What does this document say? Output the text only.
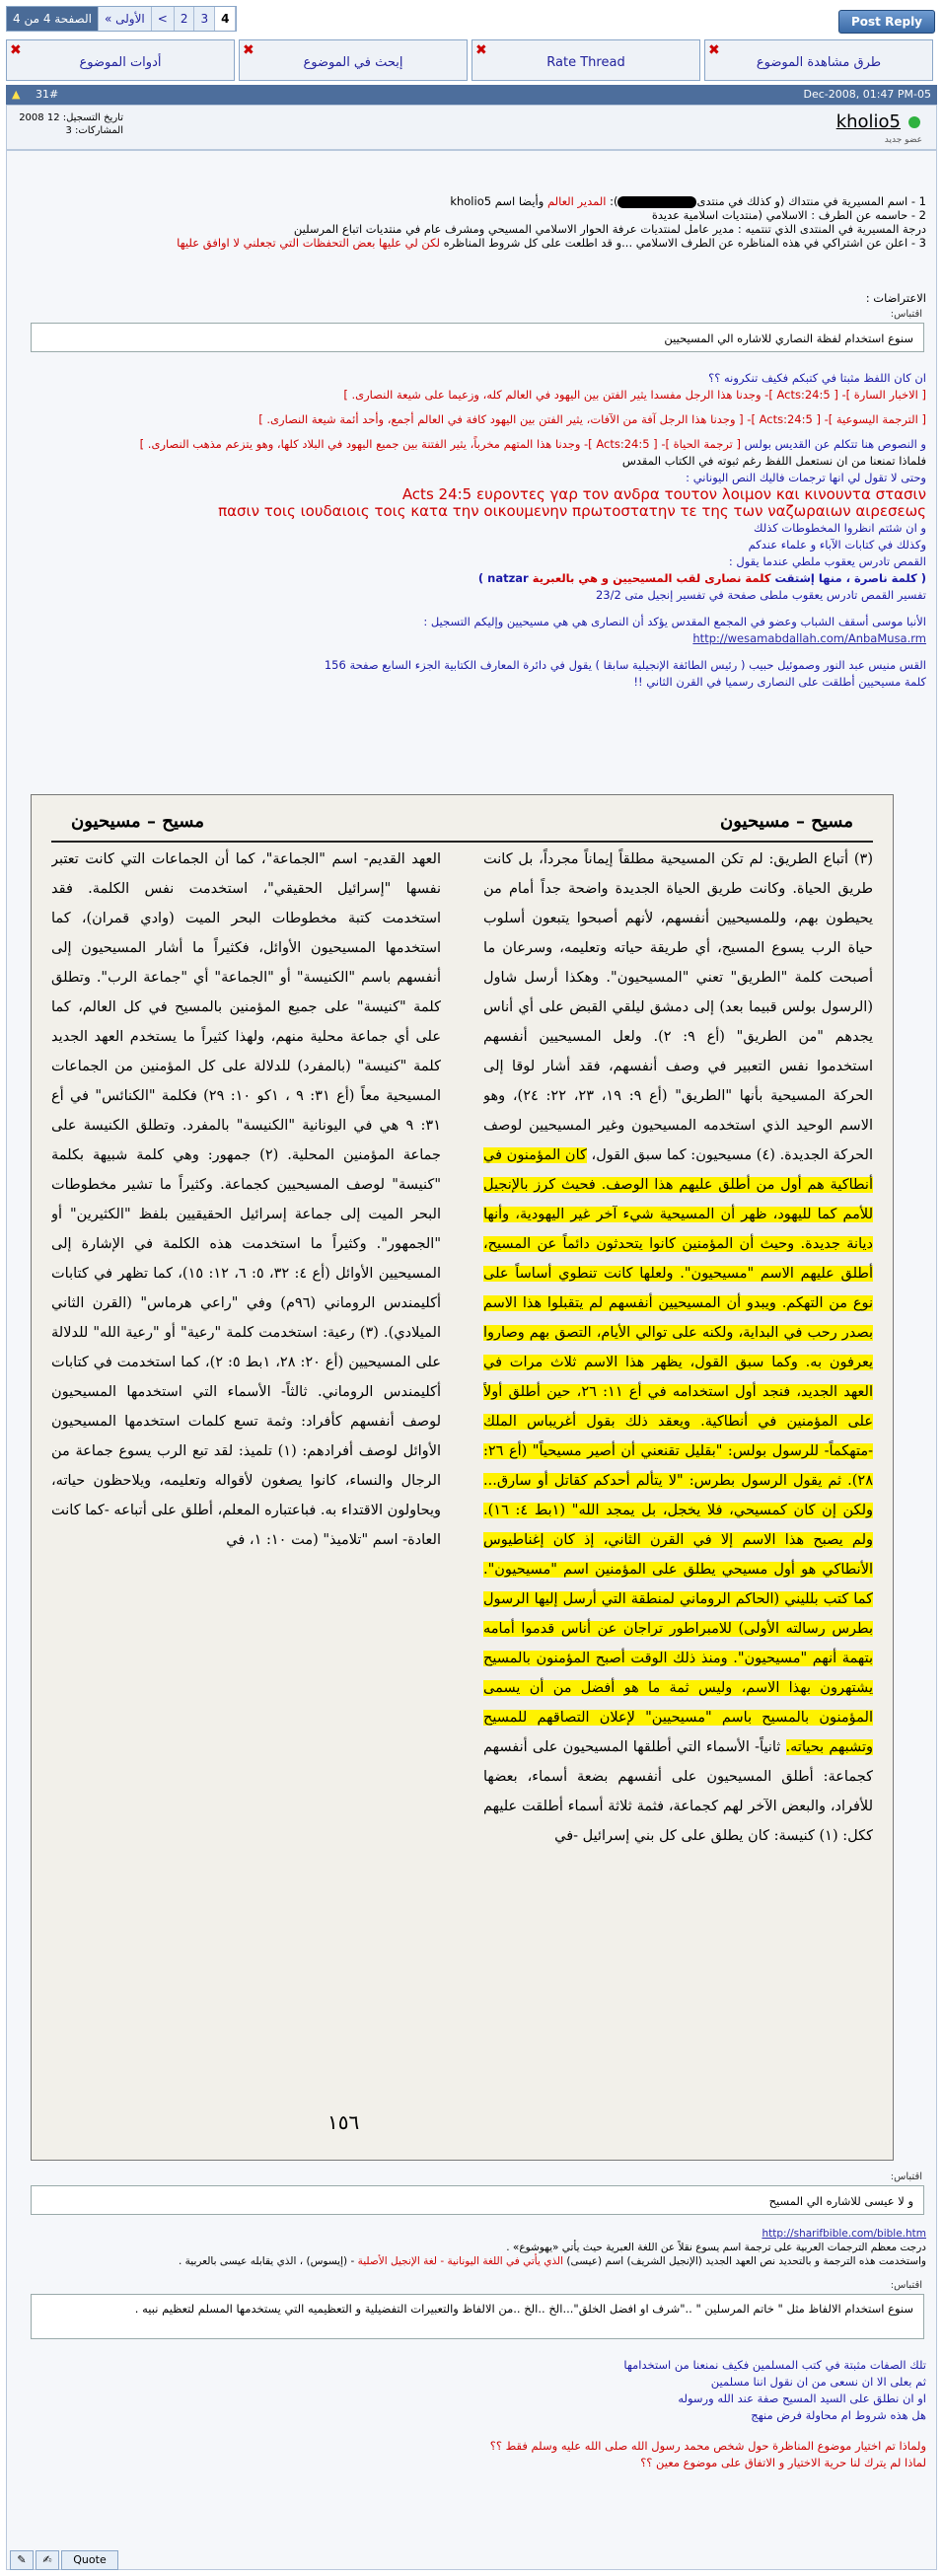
الصفحة 4 من 4	« الأولى	<	2	3	4	Post Reply
✖
أدوات الموضوع
✖
إبحث في الموضوع
✖
Rate Thread
✖
طرق مشاهدة الموضوع
▲ 31#	Dec-2008, 01:47 PM-05
kholio5
عضو جديد
تاريخ التسجيل: 12 2008
المشاركات: 3
1 - اسم المسيرية في منتداك (و كذلك في منتدى): المدير العالم وأيضا اسم kholio5
2 - حاسمه عن الطرف : الاسلامي (منتديات اسلامية عديدة
درجة المسيرية في المنتدى الذي تنتميه : مدير عامل لمنتديات عرفة الحوار الاسلامي المسيحي ومشرف عام في منتديات اتباع المرسلين
3 - اعلن عن اشتراكي في هذه المناظره عن الطرف الاسلامي ...و قد اطلعت على كل شروط المناظره لكن لي عليها بعض التحفظات التي تجعلني لا اوافق عليها
الاعتراضات :
اقتباس:
سنوع استخدام لفظة النصاري للاشاره الي المسيحيين
ان كان اللفظ مثبتا في كتبكم فكيف تنكرونه ؟؟
[ الاخبار السارة ]- [ Acts:24:5 ]- وجدنا هذا الرجل مفسدا يثير الفتن بين اليهود في العالم كله، وزعيما على شيعة النصارى. ]
[ الترجمة اليسوعية ]- [ Acts:24:5 ]- [ وجدنا هذا الرجل آفة من الآفات، يثير الفتن بين اليهود كافة في العالم أجمع، وأحد أئمة شيعة النصارى. ]
و النصوص هنا تتكلم عن القديس بولس [ ترجمة الحياة ]- [ Acts:24:5 ]- وجدنا هذا المتهم مخرباً، يثير الفتنة بين جميع اليهود في البلاد كلها، وهو يتزعم مذهب النصارى. ]
فلماذا تمنعنا من ان نستعمل اللفظ رغم ثبوته في الكتاب المقدس
وحتى لا تقول لي انها ترجمات فاليك النص اليوناني :
Acts 24:5 ευροντες γαρ τον ανδρα τουτον λοιμον και κινουντα στασιν
πασιν τοις ιουδαιοις τοις κατα την οικουμενην πρωτοστατην τε της των ναζωραιων αιρεσεως
و ان شئتم انظروا المخطوطات كذلك
وكذلك في كتابات الآباء و علماء عندكم
القمص تادرس يعقوب ملطي عندما يقول :
( كلمة ناصرة ، منها إشتقت كلمة نصارى لقب المسيحيين و هي بالعبرية natzar )
تفسير القمص تادرس يعقوب ملطى صفحة في تفسير إنجيل متى 23/2
الأنبا موسى أسقف الشباب وعضو في المجمع المقدس يؤكد أن النصارى هي هي مسيحيين وإليكم التسجيل :
http://wesamabdallah.com/AnbaMusa.rm
القس منيس عبد النور وصموئيل حبيب ( رئيس الطائفة الإنجيلية سابقا ) يقول في دائرة المعارف الكتابية الجزء السابع صفحة 156
كلمة مسيحيين أطلقت على النصارى رسميا في القرن الثاني !!
مسيح – مسيحيون
مسيح – مسيحيون
(٣) أتباع الطريق: لم تكن المسيحية مطلقاً إيماناً مجرداً، بل كانت طريق الحياة. وكانت طريق الحياة الجديدة واضحة جداً أمام من يحيطون بهم، وللمسيحيين أنفسهم، لأنهم أصبحوا يتبعون أسلوب حياة الرب يسوع المسيح، أي طريقة حياته وتعليمه، وسرعان ما أصبحت كلمة "الطريق" تعني "المسيحيون". وهكذا أرسل شاول (الرسول بولس قبيما بعد) إلى دمشق ليلقي القبض على أي أناس يجدهم "من الطريق" (أع ٩: ٢). ولعل المسيحيين أنفسهم استخدموا نفس التعبير في وصف أنفسهم، فقد أشار لوقا إلى الحركة المسيحية بأنها "الطريق" (أع ٩: ١٩، ٢٣، ٢٢: ٢٤)، وهو الاسم الوحيد الذي استخدمه المسيحيون وغير المسيحيين لوصف الحركة الجديدة. (٤) مسيحيون: كما سبق القول، كان المؤمنون في أنطاكية هم أول من أطلق عليهم هذا الوصف. فحيث كرز بالإنجيل للأمم كما لليهود، ظهر أن المسيحية شيء آخر غير اليهودية، وأنها ديانة جديدة. وحيث أن المؤمنين كانوا يتحدثون دائماً عن المسيح، أطلق عليهم الاسم "مسيحيون". ولعلها كانت تنطوي أساساً على نوع من التهكم. ويبدو أن المسيحيين أنفسهم لم يتقبلوا هذا الاسم بصدر رحب في البداية، ولكنه على توالي الأيام، التصق بهم وصاروا يعرفون به. وكما سبق القول، يظهر هذا الاسم ثلاث مرات في العهد الجديد، فنجد أول استخدامه في أع ١١: ٢٦، حين أطلق أولاً على المؤمنين في أنطاكية. ويعقد ذلك بقول أغريباس الملك -متهكماً- للرسول بولس: "بقليل تقنعني أن أصير مسيحياً" (أع ٢٦: ٢٨). ثم يقول الرسول بطرس: "لا يتألم أحدكم كقاتل أو سارق... ولكن إن كان كمسيحي، فلا يخجل، بل يمجد الله" (١بط ٤: ١٦). ولم يصبح هذا الاسم إلا في القرن الثاني، إذ كان إغناطيوس الأنطاكي هو أول مسيحي يطلق على المؤمنين اسم "مسيحيون". كما كتب بلليني (الحاكم الروماني لمنطقة التي أرسل إليها الرسول بطرس رسالته الأولى) للامبراطور تراجان عن أناس قدموا أمامه بتهمة أنهم "مسيحيون". ومنذ ذلك الوقت أصبح المؤمنون بالمسيح يشتهرون بهذا الاسم، وليس ثمة ما هو أفضل من أن يسمى المؤمنون بالمسيح باسم "مسيحيين" لإعلان التصاقهم للمسيح وتشبهم بحياته. ثانياً- الأسماء التي أطلقها المسيحيون على أنفسهم كجماعة: أطلق المسيحيون على أنفسهم بضعة أسماء، بعضها للأفراد، والبعض الآخر لهم كجماعة، فثمة ثلاثة أسماء أطلقت عليهم ككل: (١) كنيسة: كان يطلق على كل بني إسرائيل -في
العهد القديم- اسم "الجماعة"، كما أن الجماعات التي كانت تعتبر نفسها "إسرائيل الحقيقي"، استخدمت نفس الكلمة. فقد استخدمت كتبة مخطوطات البحر الميت (وادي قمران)، كما استخدمها المسيحيون الأوائل، فكثيراً ما أشار المسيحيون إلى أنفسهم باسم "الكنيسة" أو "الجماعة" أي "جماعة الرب". وتطلق كلمة "كنيسة" على جميع المؤمنين بالمسيح في كل العالم، كما على أي جماعة محلية منهم، ولهذا كثيراً ما يستخدم العهد الجديد كلمة "كنيسة" (بالمفرد) للدلالة على كل المؤمنين من الجماعات المسيحية معاً (أع ٣١: ٩ ، ١كو ١٠: ٢٩) فكلمة "الكنائس" في أع ٣١: ٩ هي في اليونانية "الكنيسة" بالمفرد. وتطلق الكنيسة على جماعة المؤمنين المحلية. (٢) جمهور: وهي كلمة شبيهة بكلمة "كنيسة" لوصف المسيحيين كجماعة. وكثيراً ما تشير مخطوطات البحر الميت إلى جماعة إسرائيل الحقيقيين بلفظ "الكثيرين" أو "الجمهور". وكثيراً ما استخدمت هذه الكلمة في الإشارة إلى المسيحيين الأوائل (أع ٤: ٣٢، ٥: ٦، ١٢: ١٥)، كما تظهر في كتابات أكليمندس الروماني (٩٦م) وفي "راعي هرماس" (القرن الثاني الميلادي). (٣) رعية: استخدمت كلمة "رعية" أو "رعية الله" للدلالة على المسيحيين (أع ٢٠: ٢٨، ١بط ٥: ٢)، كما استخدمت في كتابات أكليمندس الروماني. ثالثاً- الأسماء التي استخدمها المسيحيون لوصف أنفسهم كأفراد: وثمة تسع كلمات استخدمها المسيحيون الأوائل لوصف أفرادهم: (١) تلميذ: لقد تبع الرب يسوع جماعة من الرجال والنساء، كانوا يصغون لأقواله وتعليمه، ويلاحظون حياته، ويحاولون الاقتداء به. فباعتباره المعلم، أطلق على أتباعه -كما كانت العادة- اسم "تلاميذ" (مت ١٠: ١، في
١٥٦
اقتباس:
و لا عيسى للاشاره الي المسيح
http://sharifbible.com/bible.htm
درجت معظم الترجمات العربية على ترجمة اسم يسوع نقلاً عن اللغة العبرية حيث يأتي «يهوشوع» .
واستخدمت هذه الترجمة و بالتحديد نص العهد الجديد (الإنجيل الشريف) اسم (عيسى) الذي يأتي في اللغة اليونانية - لغة الإنجيل الأصلية - (إيسوس) ، الذي يقابله عيسى بالعربية .
اقتباس:
سنوع استخدام الالفاظ مثل " خاتم المرسلين " .."شرف او افضل الخلق"...الخ ..الخ ..من الالفاظ والتعبيرات التفضيلية و التعظيميه التي يستخدمها المسلم لتعظيم نبيه .
تلك الصفات مثبتة في كتب المسلمين فكيف نمنعنا من استخدامها
ثم بعلى الا ان نسعى من ان نقول اننا مسلمين
او ان نطلق على السيد المسيح صفة عند الله ورسوله
هل هذه شروط ام محاولة فرض منهج
ولماذا تم اختيار موضوع المناظرة حول شخص محمد رسول الله صلى الله عليه وسلم فقط ؟؟
لماذا لم يترك لنا حرية الاختيار و الاتفاق على موضوع معين ؟؟
✎	✍	Quote
